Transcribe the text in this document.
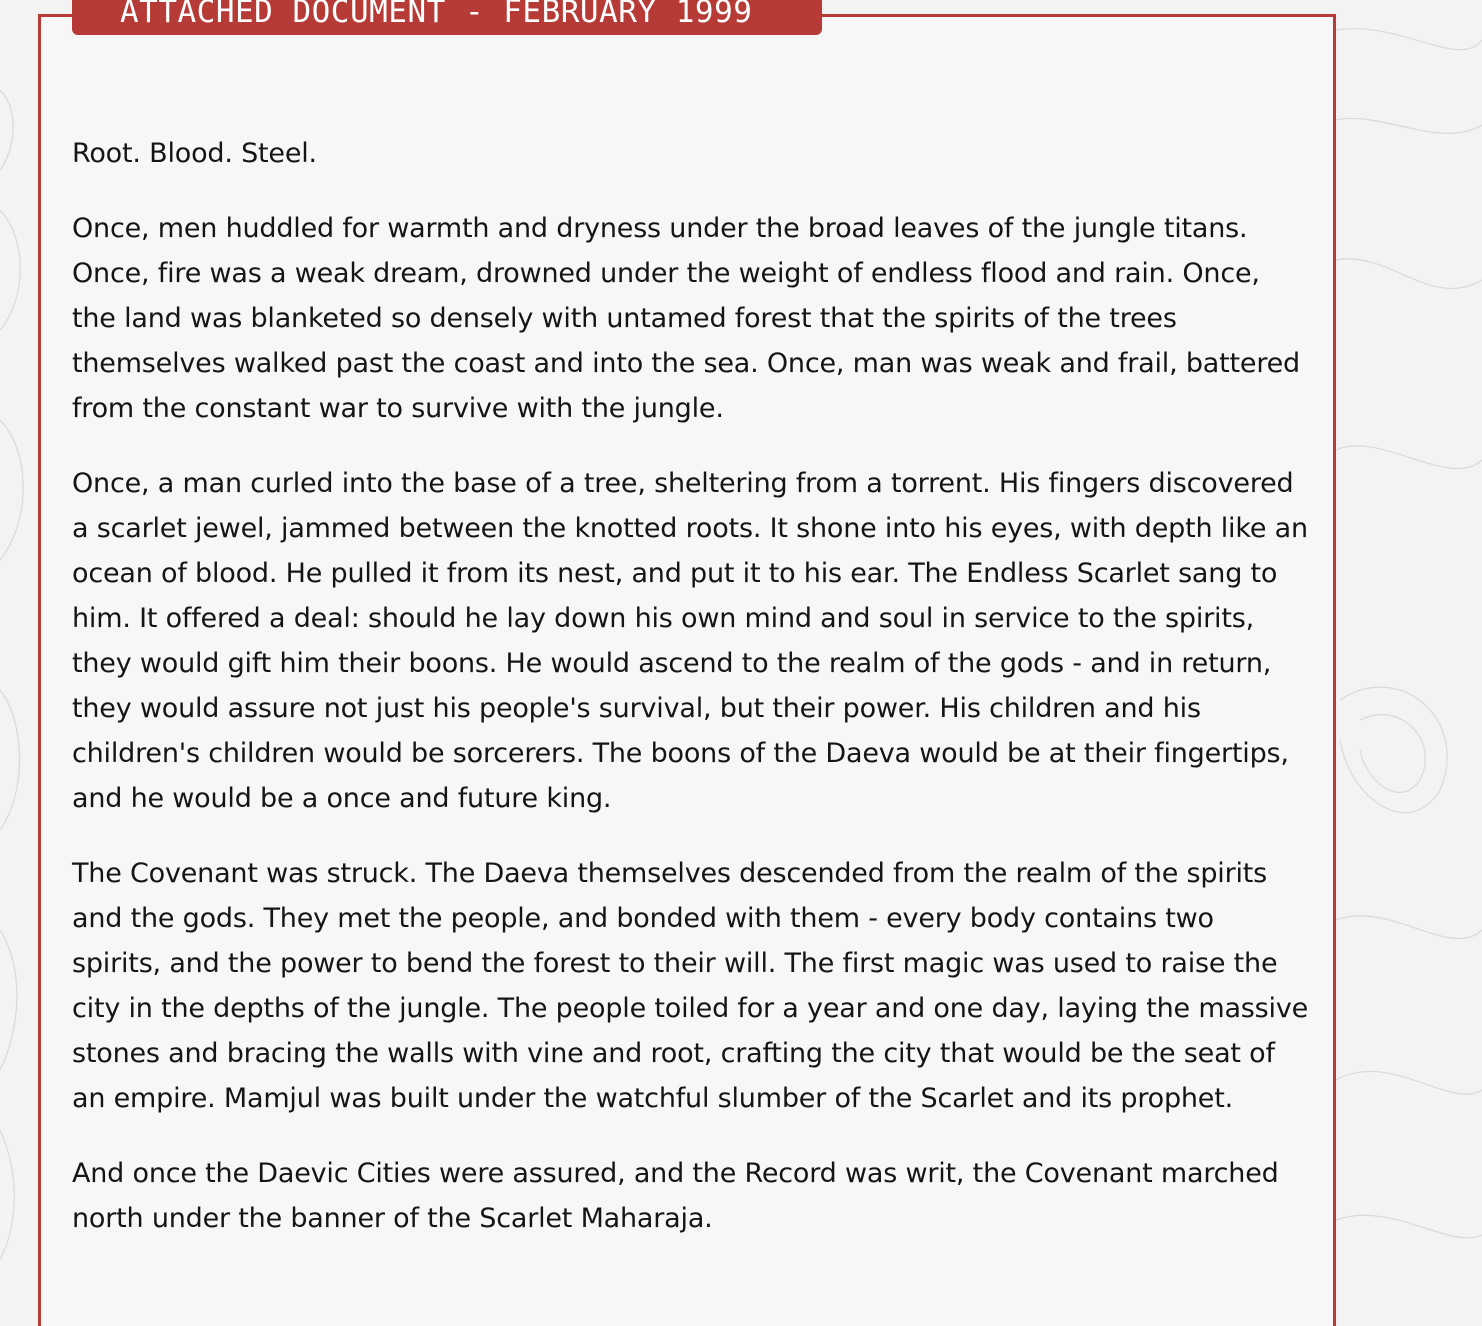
ATTACHED DOCUMENT - FEBRUARY 1999

Root. Blood. Steel.

Once, men huddled for warmth and dryness under the broad leaves of the jungle titans. Once, fire was a weak dream, drowned under the weight of endless flood and rain. Once, the land was blanketed so densely with untamed forest that the spirits of the trees themselves walked past the coast and into the sea. Once, man was weak and frail, battered from the constant war to survive with the jungle.

Once, a man curled into the base of a tree, sheltering from a torrent. His fingers discovered a scarlet jewel, jammed between the knotted roots. It shone into his eyes, with depth like an ocean of blood. He pulled it from its nest, and put it to his ear. The Endless Scarlet sang to him. It offered a deal: should he lay down his own mind and soul in service to the spirits, they would gift him their boons. He would ascend to the realm of the gods - and in return, they would assure not just his people's survival, but their power. His children and his children's children would be sorcerers. The boons of the Daeva would be at their fingertips, and he would be a once and future king.

The Covenant was struck. The Daeva themselves descended from the realm of the spirits and the gods. They met the people, and bonded with them - every body contains two spirits, and the power to bend the forest to their will. The first magic was used to raise the city in the depths of the jungle. The people toiled for a year and one day, laying the massive stones and bracing the walls with vine and root, crafting the city that would be the seat of an empire. Mamjul was built under the watchful slumber of the Scarlet and its prophet.

And once the Daevic Cities were assured, and the Record was writ, the Covenant marched north under the banner of the Scarlet Maharaja.
